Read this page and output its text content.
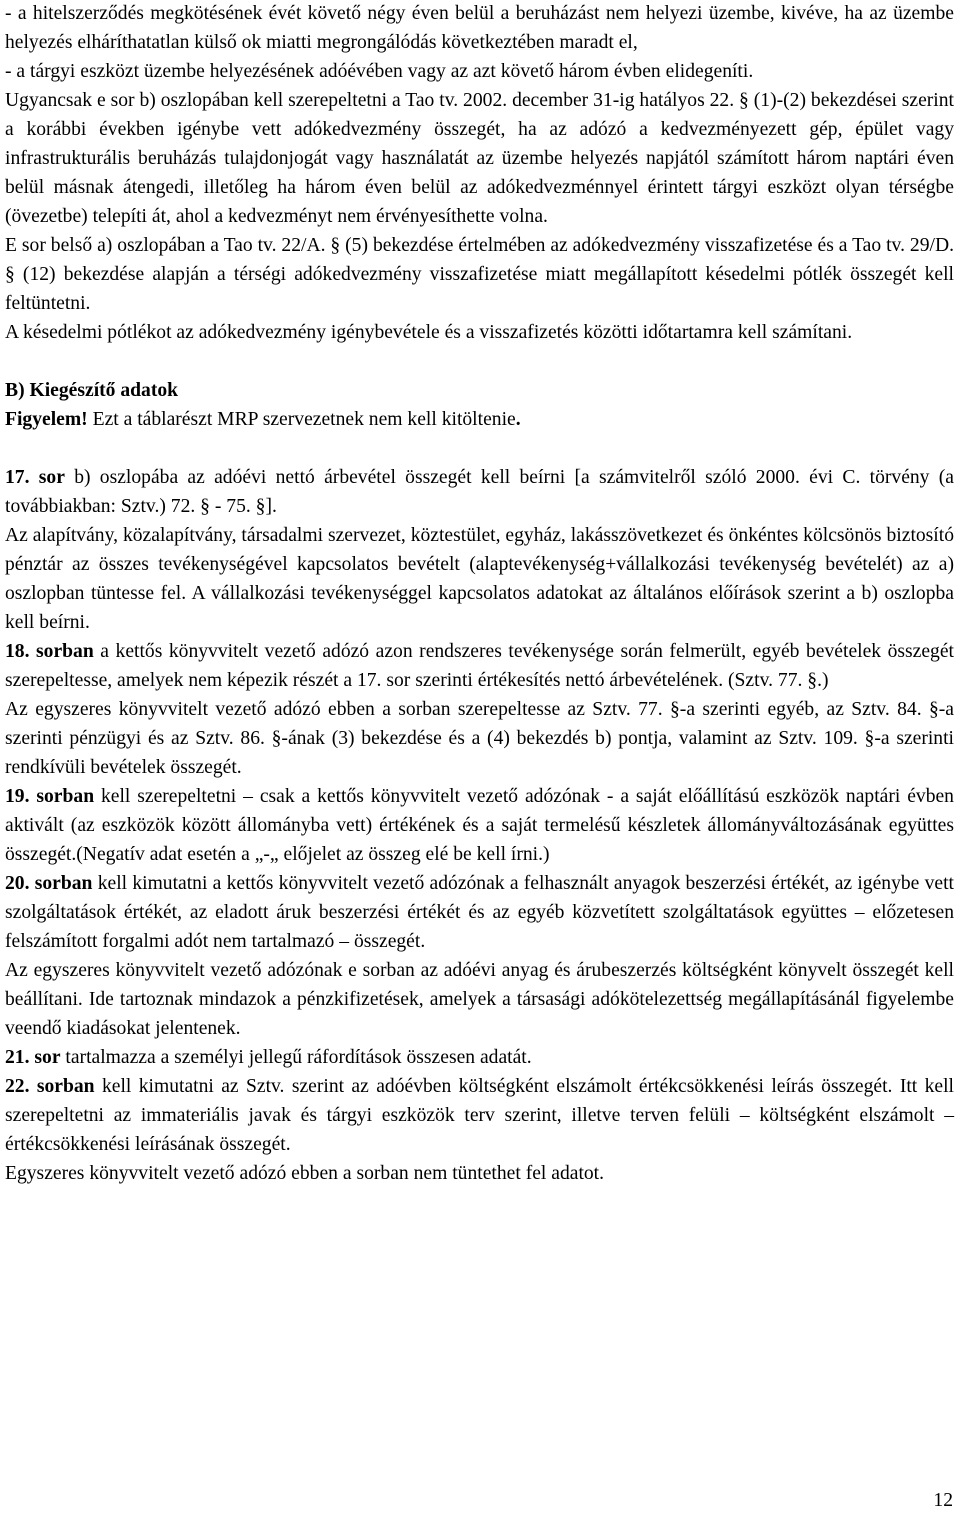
- a hitelszerződés megkötésének évét követő négy éven belül a beruházást nem helyezi üzembe, kivéve, ha az üzembe helyezés elháríthatatlan külső ok miatti megrongálódás következtében maradt el,

- a tárgyi eszközt üzembe helyezésének adóévében vagy az azt követő három évben elidegeníti.

Ugyancsak e sor b) oszlopában kell szerepeltetni a Tao tv. 2002. december 31-ig hatályos 22. § (1)-(2) bekezdései szerint a korábbi években igénybe vett adókedvezmény összegét, ha az adózó a kedvezményezett gép, épület vagy infrastrukturális beruházás tulajdonjogát vagy használatát az üzembe helyezés napjától számított három naptári éven belül másnak átengedi, illetőleg ha három éven belül az adókedvezménnyel érintett tárgyi eszközt olyan térségbe (övezetbe) telepíti át, ahol a kedvezményt nem érvényesíthette volna.

E sor belső a) oszlopában a Tao tv. 22/A. § (5) bekezdése értelmében az adókedvezmény visszafizetése és a Tao tv. 29/D. § (12) bekezdése alapján a térségi adókedvezmény visszafizetése miatt megállapított késedelmi pótlék összegét kell feltüntetni.

A késedelmi pótlékot az adókedvezmény igénybevétele és a visszafizetés közötti időtartamra kell számítani.

B) Kiegészítő adatok

Figyelem! Ezt a táblarészt MRP szervezetnek nem kell kitöltenie.

17. sor b) oszlopába az adóévi nettó árbevétel összegét kell beírni [a számvitelről szóló 2000. évi C. törvény (a továbbiakban: Sztv.) 72. § - 75. §].

Az alapítvány, közalapítvány, társadalmi szervezet, köztestület, egyház, lakásszövetkezet és önkéntes kölcsönös biztosító pénztár az összes tevékenységével kapcsolatos bevételt (alaptevékenység+vállalkozási tevékenység bevételét) az a) oszlopban tüntesse fel. A vállalkozási tevékenységgel kapcsolatos adatokat az általános előírások szerint a b) oszlopba kell beírni.

18. sorban a kettős könyvvitelt vezető adózó azon rendszeres tevékenysége során felmerült, egyéb bevételek összegét szerepeltesse, amelyek nem képezik részét a 17. sor szerinti értékesítés nettó árbevételének. (Sztv. 77. §.)

Az egyszeres könyvvitelt vezető adózó ebben a sorban szerepeltesse az Sztv. 77. §-a szerinti egyéb, az Sztv. 84. §-a szerinti pénzügyi és az Sztv. 86. §-ának (3) bekezdése és a (4) bekezdés b) pontja, valamint az Sztv. 109. §-a szerinti rendkívüli bevételek összegét.

19. sorban kell szerepeltetni – csak a kettős könyvvitelt vezető adózónak - a saját előállítású eszközök naptári évben aktivált (az eszközök között állományba vett) értékének és a saját termelésű készletek állományváltozásának együttes összegét.(Negatív adat esetén a „-„ előjelet az összeg elé be kell írni.)

20. sorban kell kimutatni a kettős könyvvitelt vezető adózónak a felhasznált anyagok beszerzési értékét, az igénybe vett szolgáltatások értékét, az eladott áruk beszerzési értékét és az egyéb közvetített szolgáltatások együttes – előzetesen felszámított forgalmi adót nem tartalmazó – összegét.

Az egyszeres könyvvitelt vezető adózónak e sorban az adóévi anyag és árubeszerzés költségként könyvelt összegét kell beállítani. Ide tartoznak mindazok a pénzkifizetések, amelyek a társasági adókötelezettség megállapításánál figyelembe veendő kiadásokat jelentenek.

21. sor tartalmazza a személyi jellegű ráfordítások összesen adatát.

22. sorban kell kimutatni az Sztv. szerint az adóévben költségként elszámolt értékcsökkenési leírás összegét. Itt kell szerepeltetni az immateriális javak és tárgyi eszközök terv szerint, illetve terven felüli – költségként elszámolt – értékcsökkenési leírásának összegét.

Egyszeres könyvvitelt vezető adózó ebben a sorban nem tüntethet fel adatot.

12
